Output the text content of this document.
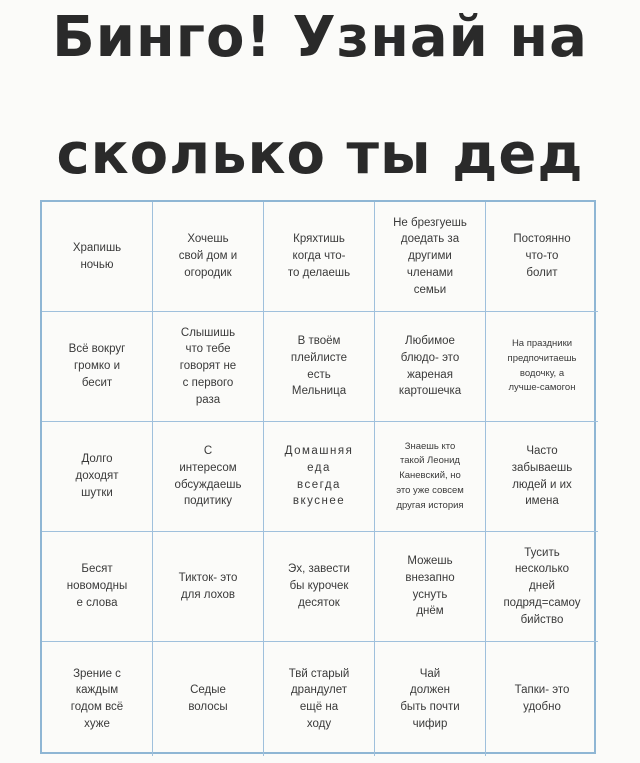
Бинго! Узнай на
сколько ты дед
Храпишь
ночью
Хочешь
свой дом и
огородик
Кряхтишь
когда что-
то делаешь
Не брезгуешь
доедать за
другими
членами
семьи
Постоянно
что-то
болит
Всё вокруг
громко и
бесит
Слышишь
что тебе
говорят не
с первого
раза
В твоём
плейлисте
есть
Мельница
Любимое
блюдо- это
жареная
картошечка
На праздники
предпочитаешь
водочку, а
лучше-самогон
Долго
доходят
шутки
С
интересом
обсуждаешь
подитику
Домашняя
еда
всегда
вкуснее
Знаешь кто
такой Леонид
Каневский, но
это уже совсем
другая история
Часто
забываешь
людей и их
имена
Бесят
новомодны
е слова
Тикток- это
для лохов
Эх, завести
бы курочек
десяток
Можешь
внезапно
уснуть
днём
Тусить
несколько
дней
подряд=самоу
бийство
Зрение с
каждым
годом всё
хуже
Седые
волосы
Твй старый
драндулет
ещё на
ходу
Чай
должен
быть почти
чифир
Тапки- это
удобно
